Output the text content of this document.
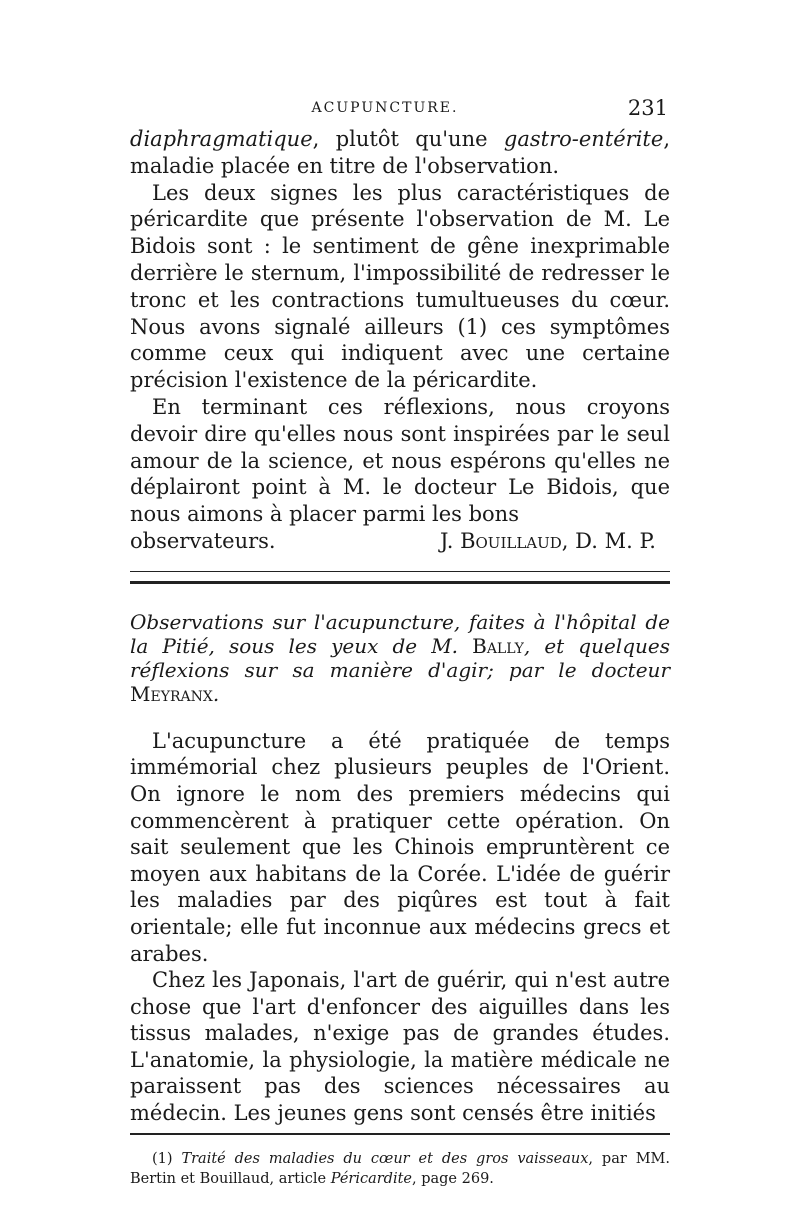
ACUPUNCTURE.	231

diaphragmatique, plutôt qu'une gastro-entérite, maladie placée en titre de l'observation.

Les deux signes les plus caractéristiques de péricardite que présente l'observation de M. Le Bidois sont : le sentiment de gêne inexprimable derrière le sternum, l'impossibilité de redresser le tronc et les contractions tumultueuses du cœur. Nous avons signalé ailleurs (1) ces symptômes comme ceux qui indiquent avec une certaine précision l'existence de la péricardite.

En terminant ces réflexions, nous croyons devoir dire qu'elles nous sont inspirées par le seul amour de la science, et nous espérons qu'elles ne déplairont point à M. le docteur Le Bidois, que nous aimons à placer parmi les bons

observateurs.	J. Bouillaud, D. M. P.
Observations sur l'acupuncture, faites à l'hôpital de la Pitié, sous les yeux de M. Bally, et quelques réflexions sur sa manière d'agir; par le docteur Meyranx.

L'acupuncture a été pratiquée de temps immémorial chez plusieurs peuples de l'Orient. On ignore le nom des premiers médecins qui commencèrent à pratiquer cette opération. On sait seulement que les Chinois empruntèrent ce moyen aux habitans de la Corée. L'idée de guérir les maladies par des piqûres est tout à fait orientale; elle fut inconnue aux médecins grecs et arabes.

Chez les Japonais, l'art de guérir, qui n'est autre chose que l'art d'enfoncer des aiguilles dans les tissus malades, n'exige pas de grandes études. L'anatomie, la physiologie, la matière médicale ne paraissent pas des sciences nécessaires au médecin. Les jeunes gens sont censés être initiés

(1) Traité des maladies du cœur et des gros vaisseaux, par MM. Bertin et Bouillaud, article Péricardite, page 269.
